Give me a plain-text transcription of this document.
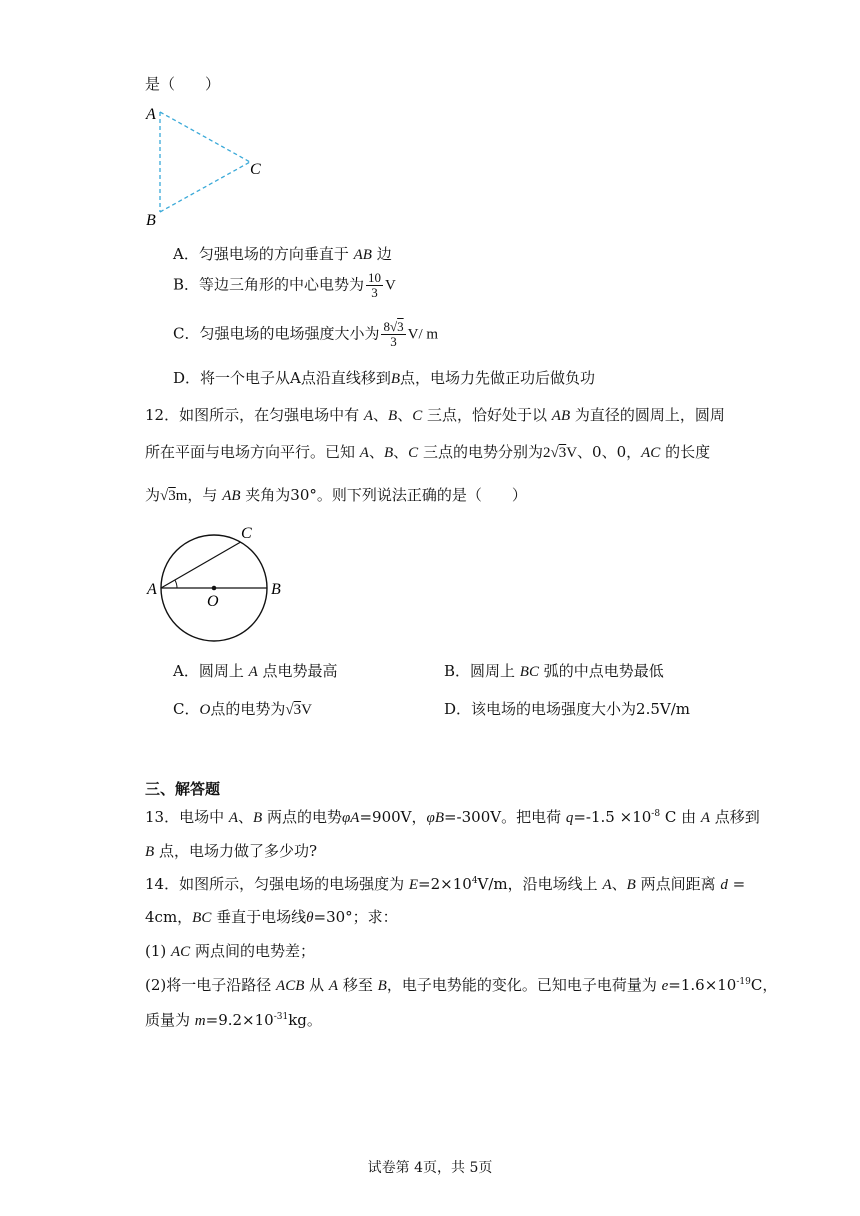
是（　　）
A
B
C
A．匀强电场的方向垂直于 AB 边
B．等边三角形的中心电势为 $\frac{10}{3}$ V
C．匀强电场的电场强度大小为 $\frac{8√3}{3} V/$ m
D．将一个电子从A点沿直线移到B点，电场力先做正功后做负功
12．如图所示，在匀强电场中有 A、B、C 三点，恰好处于以 AB 为直径的圆周上，圆周
所在平面与电场方向平行。已知 A、B、C 三点的电势分别为2√3V、0、0，AC 的长度
为√3m，与 AB 夹角为30°。则下列说法正确的是（　　）
A	B
C
O
A．圆周上 A 点电势最高	B．圆周上 BC 弧的中点电势最低
C．O点的电势为√3V	D．该电场的电场强度大小为2.5V/m
三、解答题
13．电场中 A、B 两点的电势φA=900V，φB=-300V。把电荷 $q=-1.5 \times 10^{-8}$ C 由 A 点移到
B 点，电场力做了多少功?
14．如图所示，匀强电场的电场强度为 $E=2\times 10^4V/m$，沿电场线上 A、B 两点间距离 d =
4cm，BC 垂直于电场线θ=30°；求：
(1) AC 两点间的电势差；
(2)将一电子沿路径 ACB 从 A 移至 B，电子电势能的变化。已知电子电荷量为 $e=1.6\times 10^{-19}C$，
质量为 $m=9.2\times 10^{-31}kg$。
试卷第 4页，共 5页
